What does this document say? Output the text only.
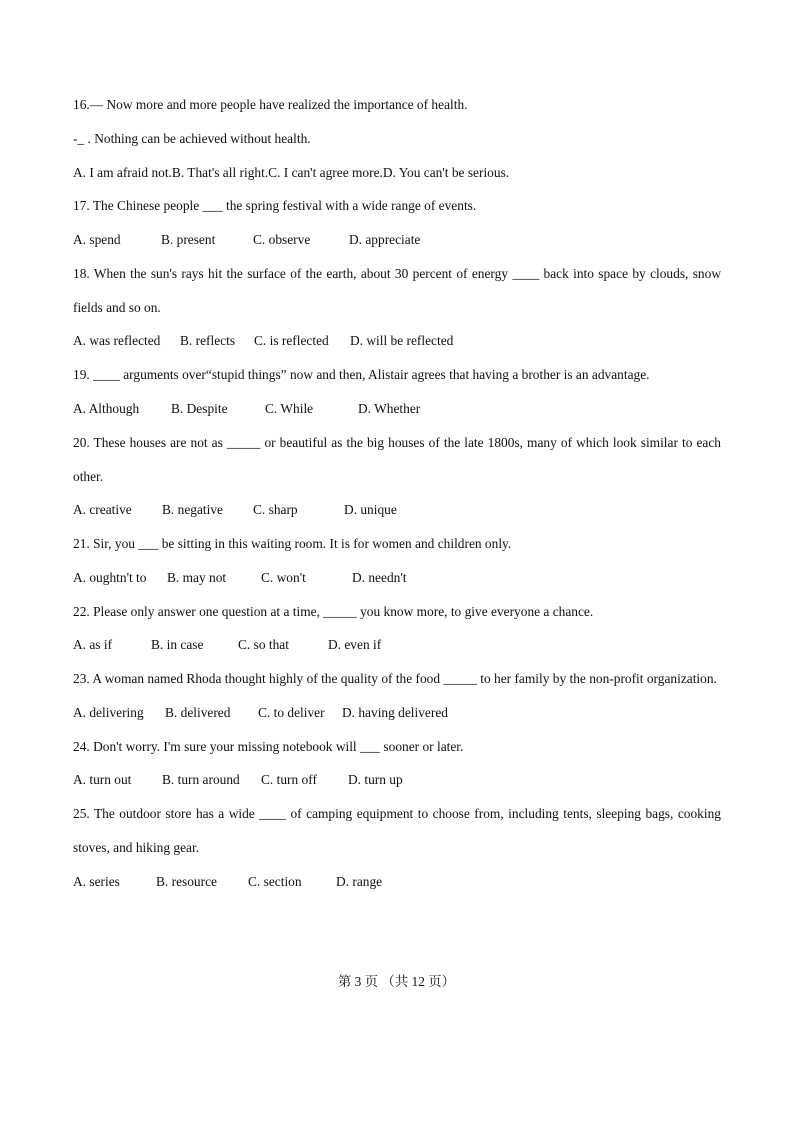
16.— Now more and more people have realized the importance of health.
-_ . Nothing can be achieved without health.
A. I am afraid not.B. That's all right.C. I can't agree more.D. You can't be serious.
17. The Chinese people ___ the spring festival with a wide range of events.
A. spend	B. present	C. observe	D. appreciate
18. When the sun's rays hit the surface of the earth, about 30 percent of energy ____ back into space by clouds, snow fields and so on.
A. was reflected	B. reflects	C. is reflected	D. will be reflected
19. ____ arguments over“stupid things” now and then, Alistair agrees that having a brother is an advantage.
A. Although	B. Despite	C. While	D. Whether
20. These houses are not as _____ or beautiful as the big houses of the late 1800s, many of which look similar to each other.
A. creative	B. negative	C. sharp	D. unique
21. Sir, you ___ be sitting in this waiting room. It is for women and children only.
A. oughtn't to	B. may not	C. won't	D. needn't
22. Please only answer one question at a time, _____ you know more, to give everyone a chance.
A. as if	B. in case	C. so that	D. even if
23. A woman named Rhoda thought highly of the quality of the food _____ to her family by the non-profit organization.
A. delivering	B. delivered	C. to deliver	D. having delivered
24. Don't worry. I'm sure your missing notebook will ___ sooner or later.
A. turn out	B. turn around	C. turn off	D. turn up
25. The outdoor store has a wide ____ of camping equipment to choose from, including tents, sleeping bags, cooking stoves, and hiking gear.
A. series	B. resource	C. section	D. range
第 3 页 （共 12 页）
